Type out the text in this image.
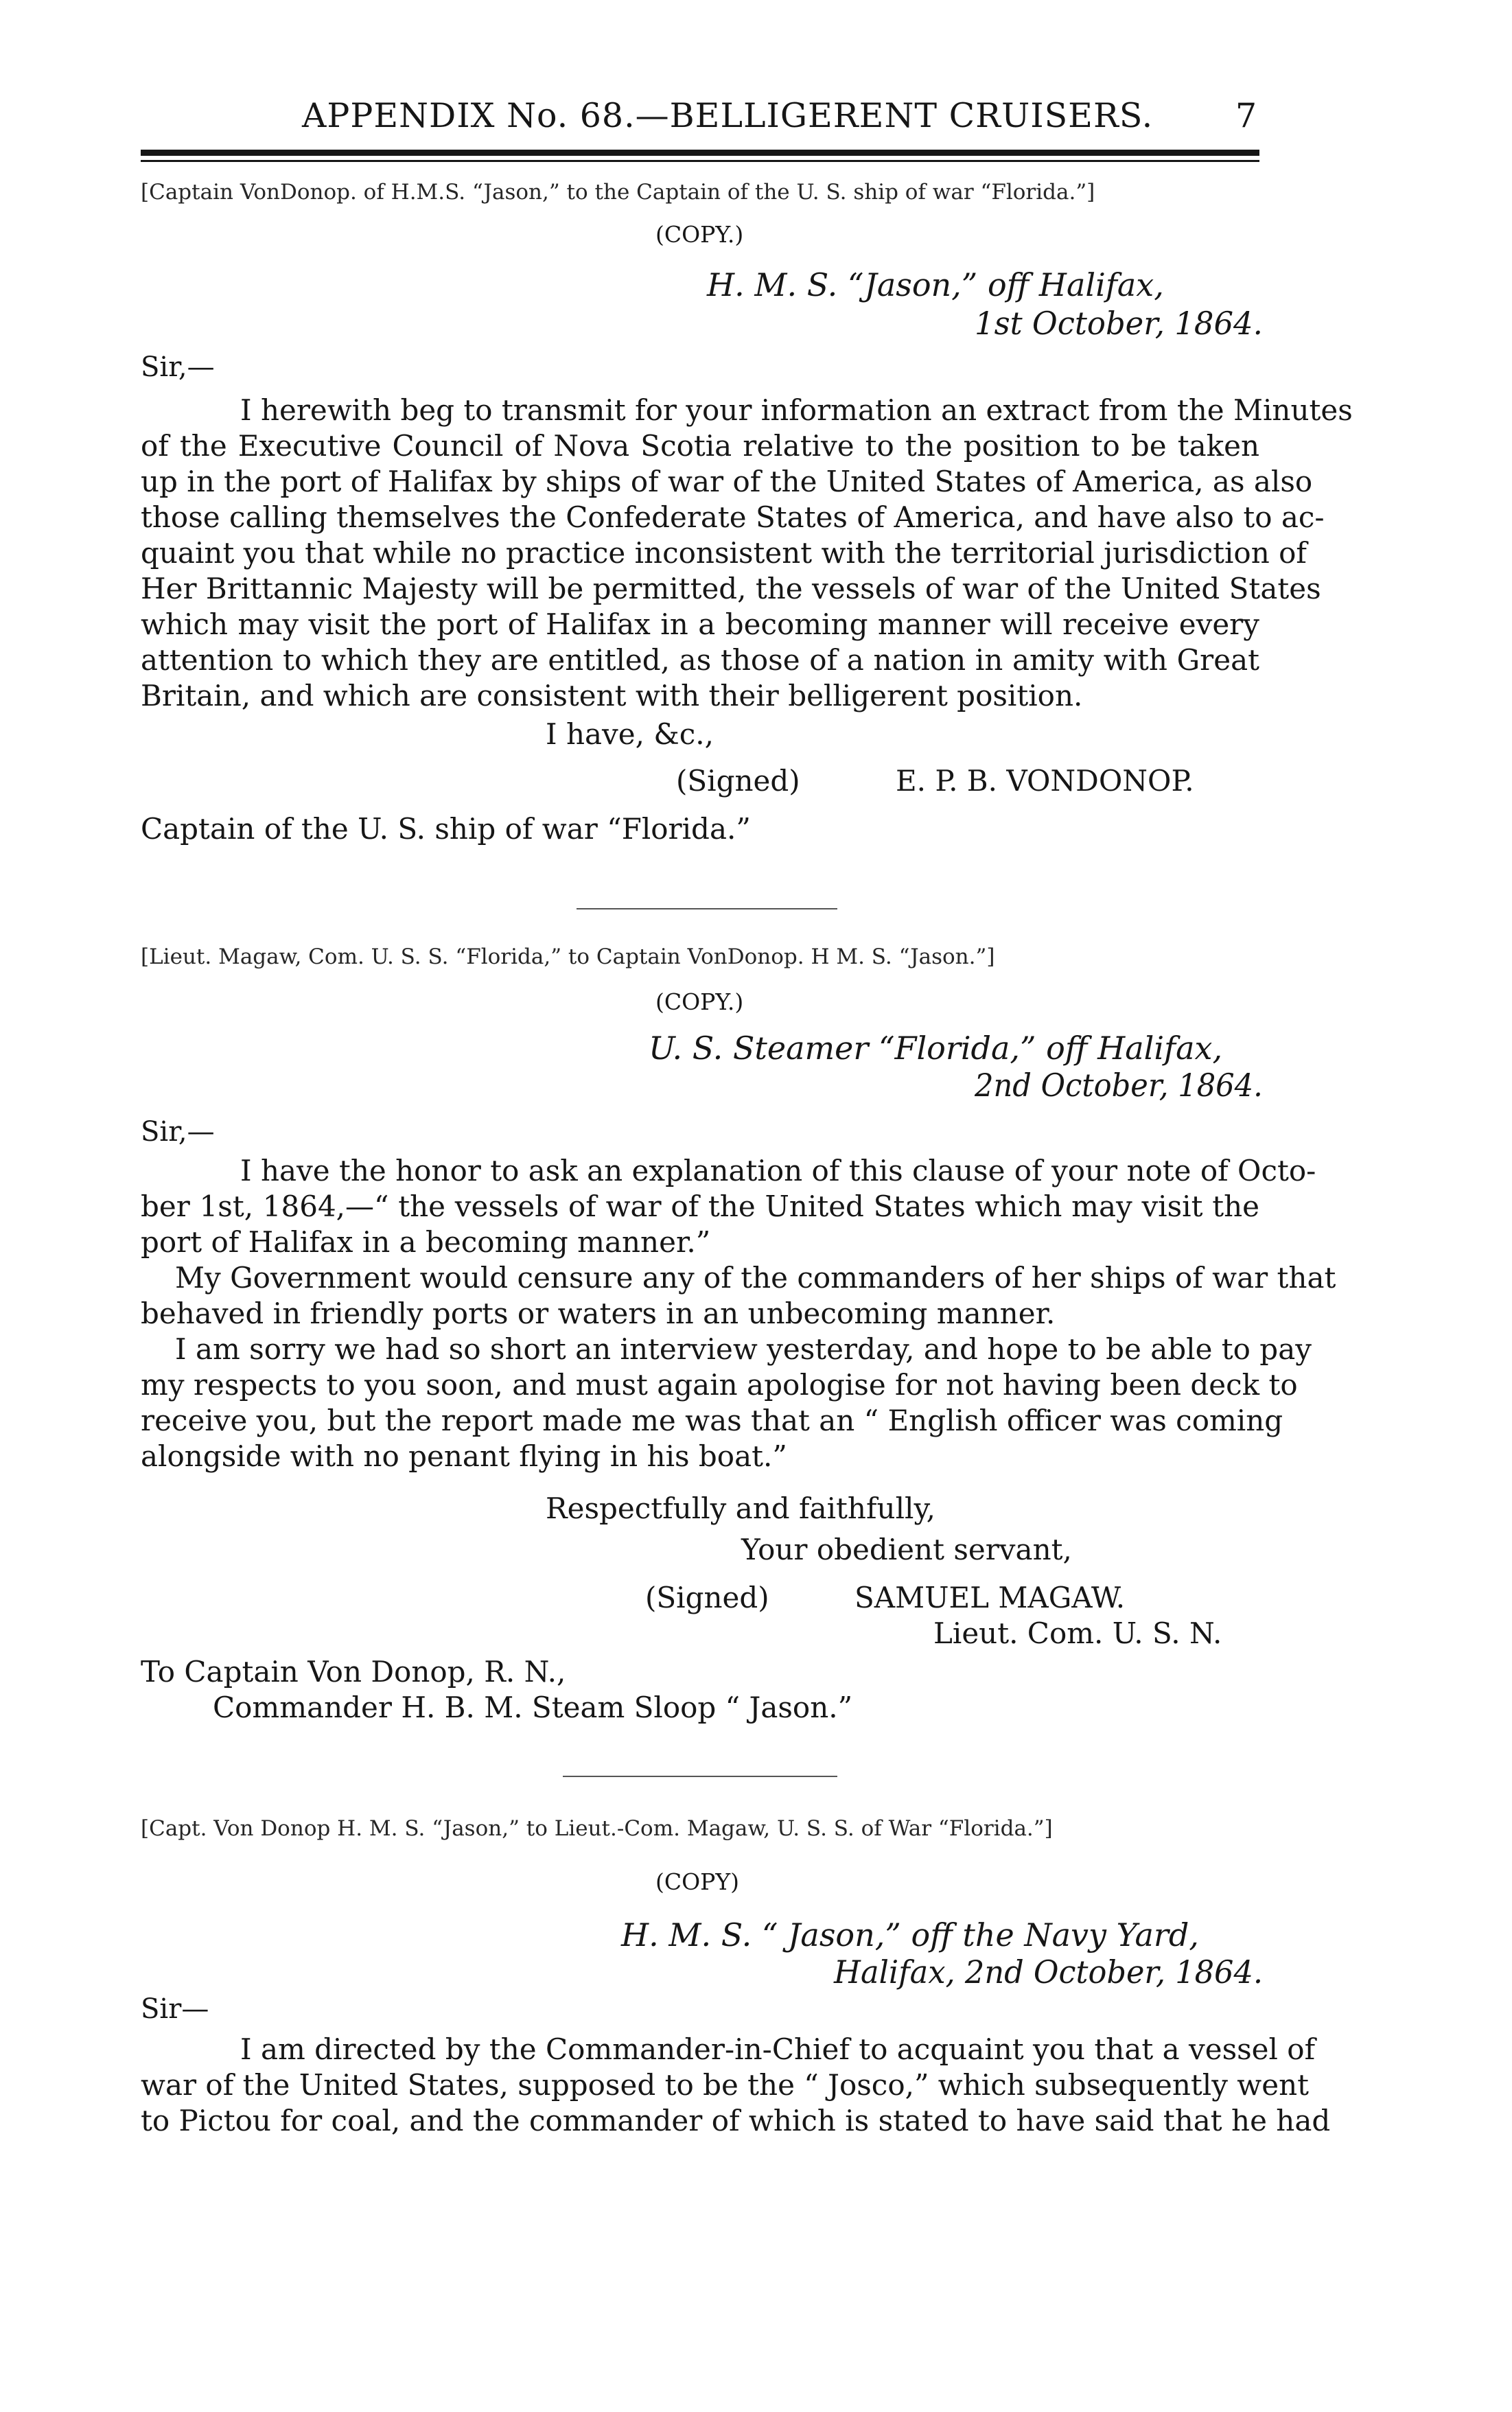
APPENDIX No. 68.—BELLIGERENT CRUISERS. 7
[Captain VonDonop. of H.M.S. “Jason,” to the Captain of the U. S. ship of war “Florida.”]
(COPY.)
H. M. S. “Jason,” off Halifax,
1st October, 1864.
Sir,—
I herewith beg to transmit for your information an extract from the Minutes
of the Executive Council of Nova Scotia relative to the position to be taken
up in the port of Halifax by ships of war of the United States of America, as also
those calling themselves the Confederate States of America, and have also to ac-
quaint you that while no practice inconsistent with the territorial jurisdiction of
Her Brittannic Majesty will be permitted, the vessels of war of the United States
which may visit the port of Halifax in a becoming manner will receive every
attention to which they are entitled, as those of a nation in amity with Great
Britain, and which are consistent with their belligerent position.
I have, &c.,
(Signed)	E. P. B. VONDONOP.
Captain of the U. S. ship of war “Florida.”
[Lieut. Magaw, Com. U. S. S. “Florida,” to Captain VonDonop. H M. S. “Jason.”]
(COPY.)
U. S. Steamer “Florida,” off Halifax,
2nd October, 1864.
Sir,—
I have the honor to ask an explanation of this clause of your note of Octo-
ber 1st, 1864,—“ the vessels of war of the United States which may visit the
port of Halifax in a becoming manner.”
My Government would censure any of the commanders of her ships of war that
behaved in friendly ports or waters in an unbecoming manner.
I am sorry we had so short an interview yesterday, and hope to be able to pay
my respects to you soon, and must again apologise for not having been deck to
receive you, but the report made me was that an “ English officer was coming
alongside with no penant flying in his boat.”
Respectfully and faithfully,
Your obedient servant,
(Signed)	SAMUEL MAGAW.
Lieut. Com. U. S. N.
To Captain Von Donop, R. N.,
Commander H. B. M. Steam Sloop “ Jason.”
[Capt. Von Donop H. M. S. “Jason,” to Lieut.-Com. Magaw, U. S. S. of War “Florida.”]
(COPY)
H. M. S. “ Jason,” off the Navy Yard,
Halifax, 2nd October, 1864.
Sir—
I am directed by the Commander-in-Chief to acquaint you that a vessel of
war of the United States, supposed to be the “ Josco,” which subsequently went
to Pictou for coal, and the commander of which is stated to have said that he had
